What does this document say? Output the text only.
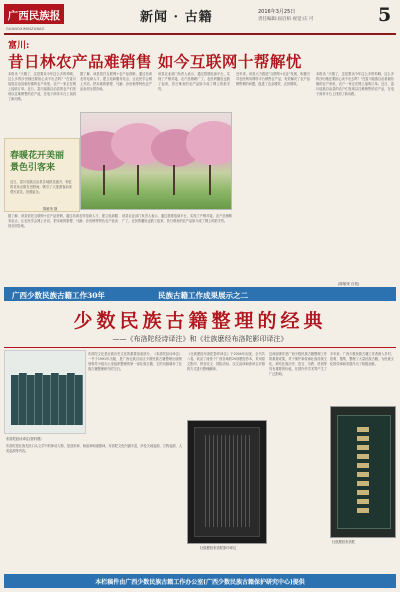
广西民族报
GUANGXIMINZUBAO
新闻 · 古籍	2016年3月25日
责任编辑:屈启柏 视觉:庆 可	5
富川:
昔日林农产品难销售 如今互联网十帮解忧
本报讯 "天刚了，这是要卖今年这么多的鸡啊，这么多的沙田柚还要担心卖不出去吗？"在富川瑶族自治县朝东镇的农户家里，农户一家正在网上接收订单。近日，富川瑶族自治县的农户们发现以往难销售的农产品，在电子商务平台上找到了新出路。
据了解，该县依托互联网+农产品营销，通过培训农村电商人才，建立电商服务站点，让农民学会网上开店，把本地的脐橙、马蹄、沙田柚等特色农产品卖到全国各地。
该县农业部门负责人表示，通过搭建电商平台，实现了产销对接，农产品销路广了，农民的腰包也鼓了起来，昔日难卖的农产品如今成了网上的抢手货。
近年来，该县大力推进"互联网+农业"发展，积极引导农民利用网络平台销售农产品，有效解决了农产品销售难的问题，促进了农业增效、农民增收。
本报讯 "天刚了，这是要卖今年这么多的鸡啊，这么多的沙田柚还要担心卖不出去吗？"在富川瑶族自治县朝东镇的农户家里，农户一家正在网上接收订单。近日，富川瑶族自治县的农户们发现以往难销售的农产品，在电子商务平台上找到了新出路。
据了解，该县依托互联网+农产品营销，通过培训农村电商人才，建立电商服务站点，让农民学会网上开店，把本地的脐橙、马蹄、沙田柚等特色农产品卖到全国各地。
该县农业部门负责人表示，通过搭建电商平台，实现了产销对接，农产品销路广了，农民的腰包也鼓了起来，昔日难卖的农产品如今成了网上的抢手货。
春暖花开美丽 景色引客来
近日，富川瑶族自治县各地桃花盛开，粉红的花朵点缀在田野间，吸引了大批游客前来观光赏花，拍照留念。
陈敏荣 摄
(陈敏荣 自报)
广西少数民族古籍工作30年	民族古籍工作成果展示之二
少数民族古籍整理的经典
——《布洛陀经诗译注》和《壮族麽经布洛陀影印译注》
布洛陀经诗译注(资料图)
布洛陀文化是壮族历史文化的重要组成部分。《布洛陀经诗译注》一书于1991年出版，是广西壮族自治区少数民族古籍整理出版规划领导小组办公室组织整理的第一部壮族古籍，它的出版填补了壮族古籍整理研究的空白。
《壮族麽经布洛陀影印译注》于2004年出版，全书共八卷，收录了流传于广西各地的29部麽经抄本，采用原文影印、拼音壮文、国际音标、汉文直译和意译五对照的方式进行整理翻译。
这两部著作是广西少数民族古籍整理工作的重要成果，对于保护和传承壮族传统文化，研究壮族历史、语言、宗教、民俗等具有重要的价值，在国内外学术界产生了广泛影响。
多年来，广西少数民族古籍工作者深入乡村，抢救、搜集、整理了大量民族古籍，为民族文化的传承和发展作出了积极贡献。
布洛陀是壮族先民口头文学中的神话人物，是创世神、始祖神和道德神。布洛陀文化内涵丰富，涉及天地起源、万物起源、人类起源等内容。
壮族麽经布洛陀影印译注
壮族麽经布洛陀
本栏稿件由广西少数民族古籍工作办公室(广西少数民族古籍保护研究中心)提供
